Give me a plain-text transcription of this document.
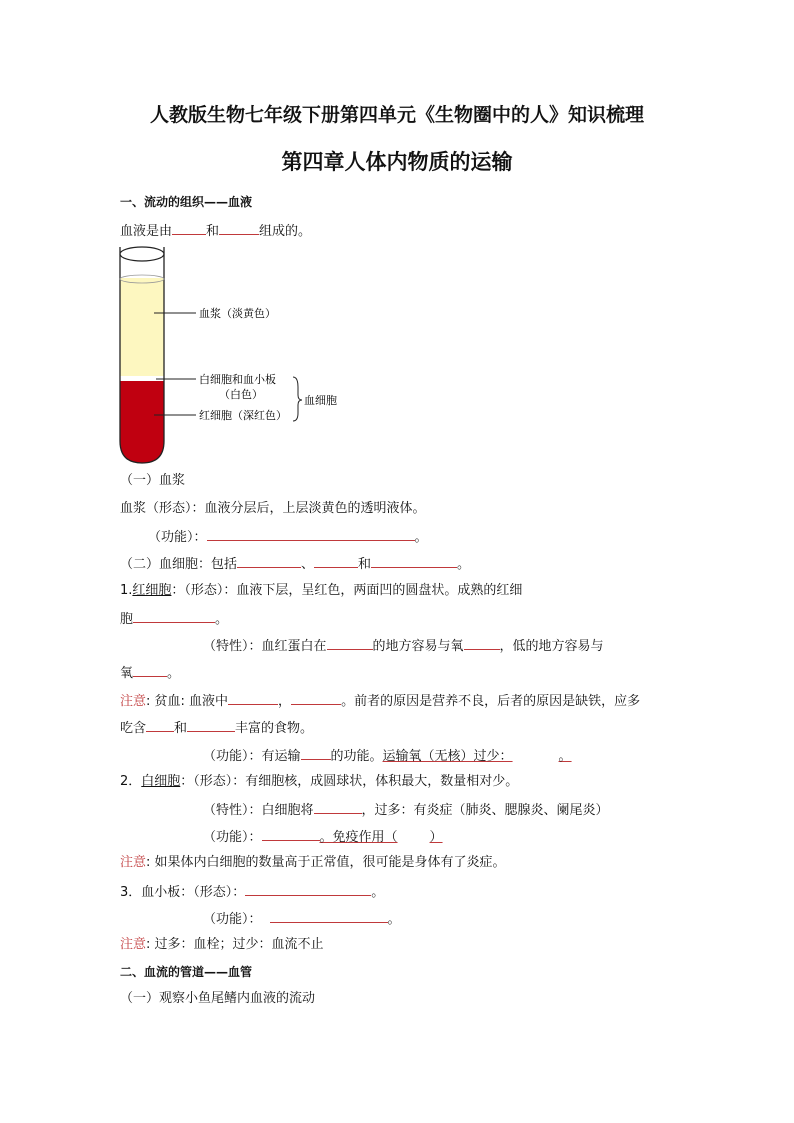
人教版生物七年级下册第四单元《生物圈中的人》知识梳理
第四章人体内物质的运输
一、流动的组织——血液
血液是由	和	组成的。
血浆（淡黄色）
白细胞和血小板
（白色）
红细胞（深红色）
血细胞
（一）血浆
血浆（形态）：血液分层后，上层淡黄色的透明液体。
（功能）：	。
（二）血细胞：包括	、	和	。
1.红细胞：（形态）：血液下层，呈红色，两面凹的圆盘状。成熟的红细
胞	。
（特性）：血红蛋白在	的地方容易与氧	，低的地方容易与
氧	。
注意: 贫血: 血液中	，	。前者的原因是营养不良，后者的原因是缺铁，应多
吃含 和	丰富的食物。
（功能）：有运输 的功能。运输氧（无核）过少：	。
2．白细胞：（形态）：有细胞核，成圆球状，体积最大，数量相对少。
（特性）：白细胞将	，过多：有炎症（肺炎、腮腺炎、阑尾炎）
（功能）：	。免疫作用（ ）
注意: 如果体内白细胞的数量高于正常值，很可能是身体有了炎症。
3．血小板：（形态）：	。
（功能）：	。
注意: 过多：血栓；过少：血流不止
二、血流的管道——血管
（一）观察小鱼尾鳍内血液的流动
